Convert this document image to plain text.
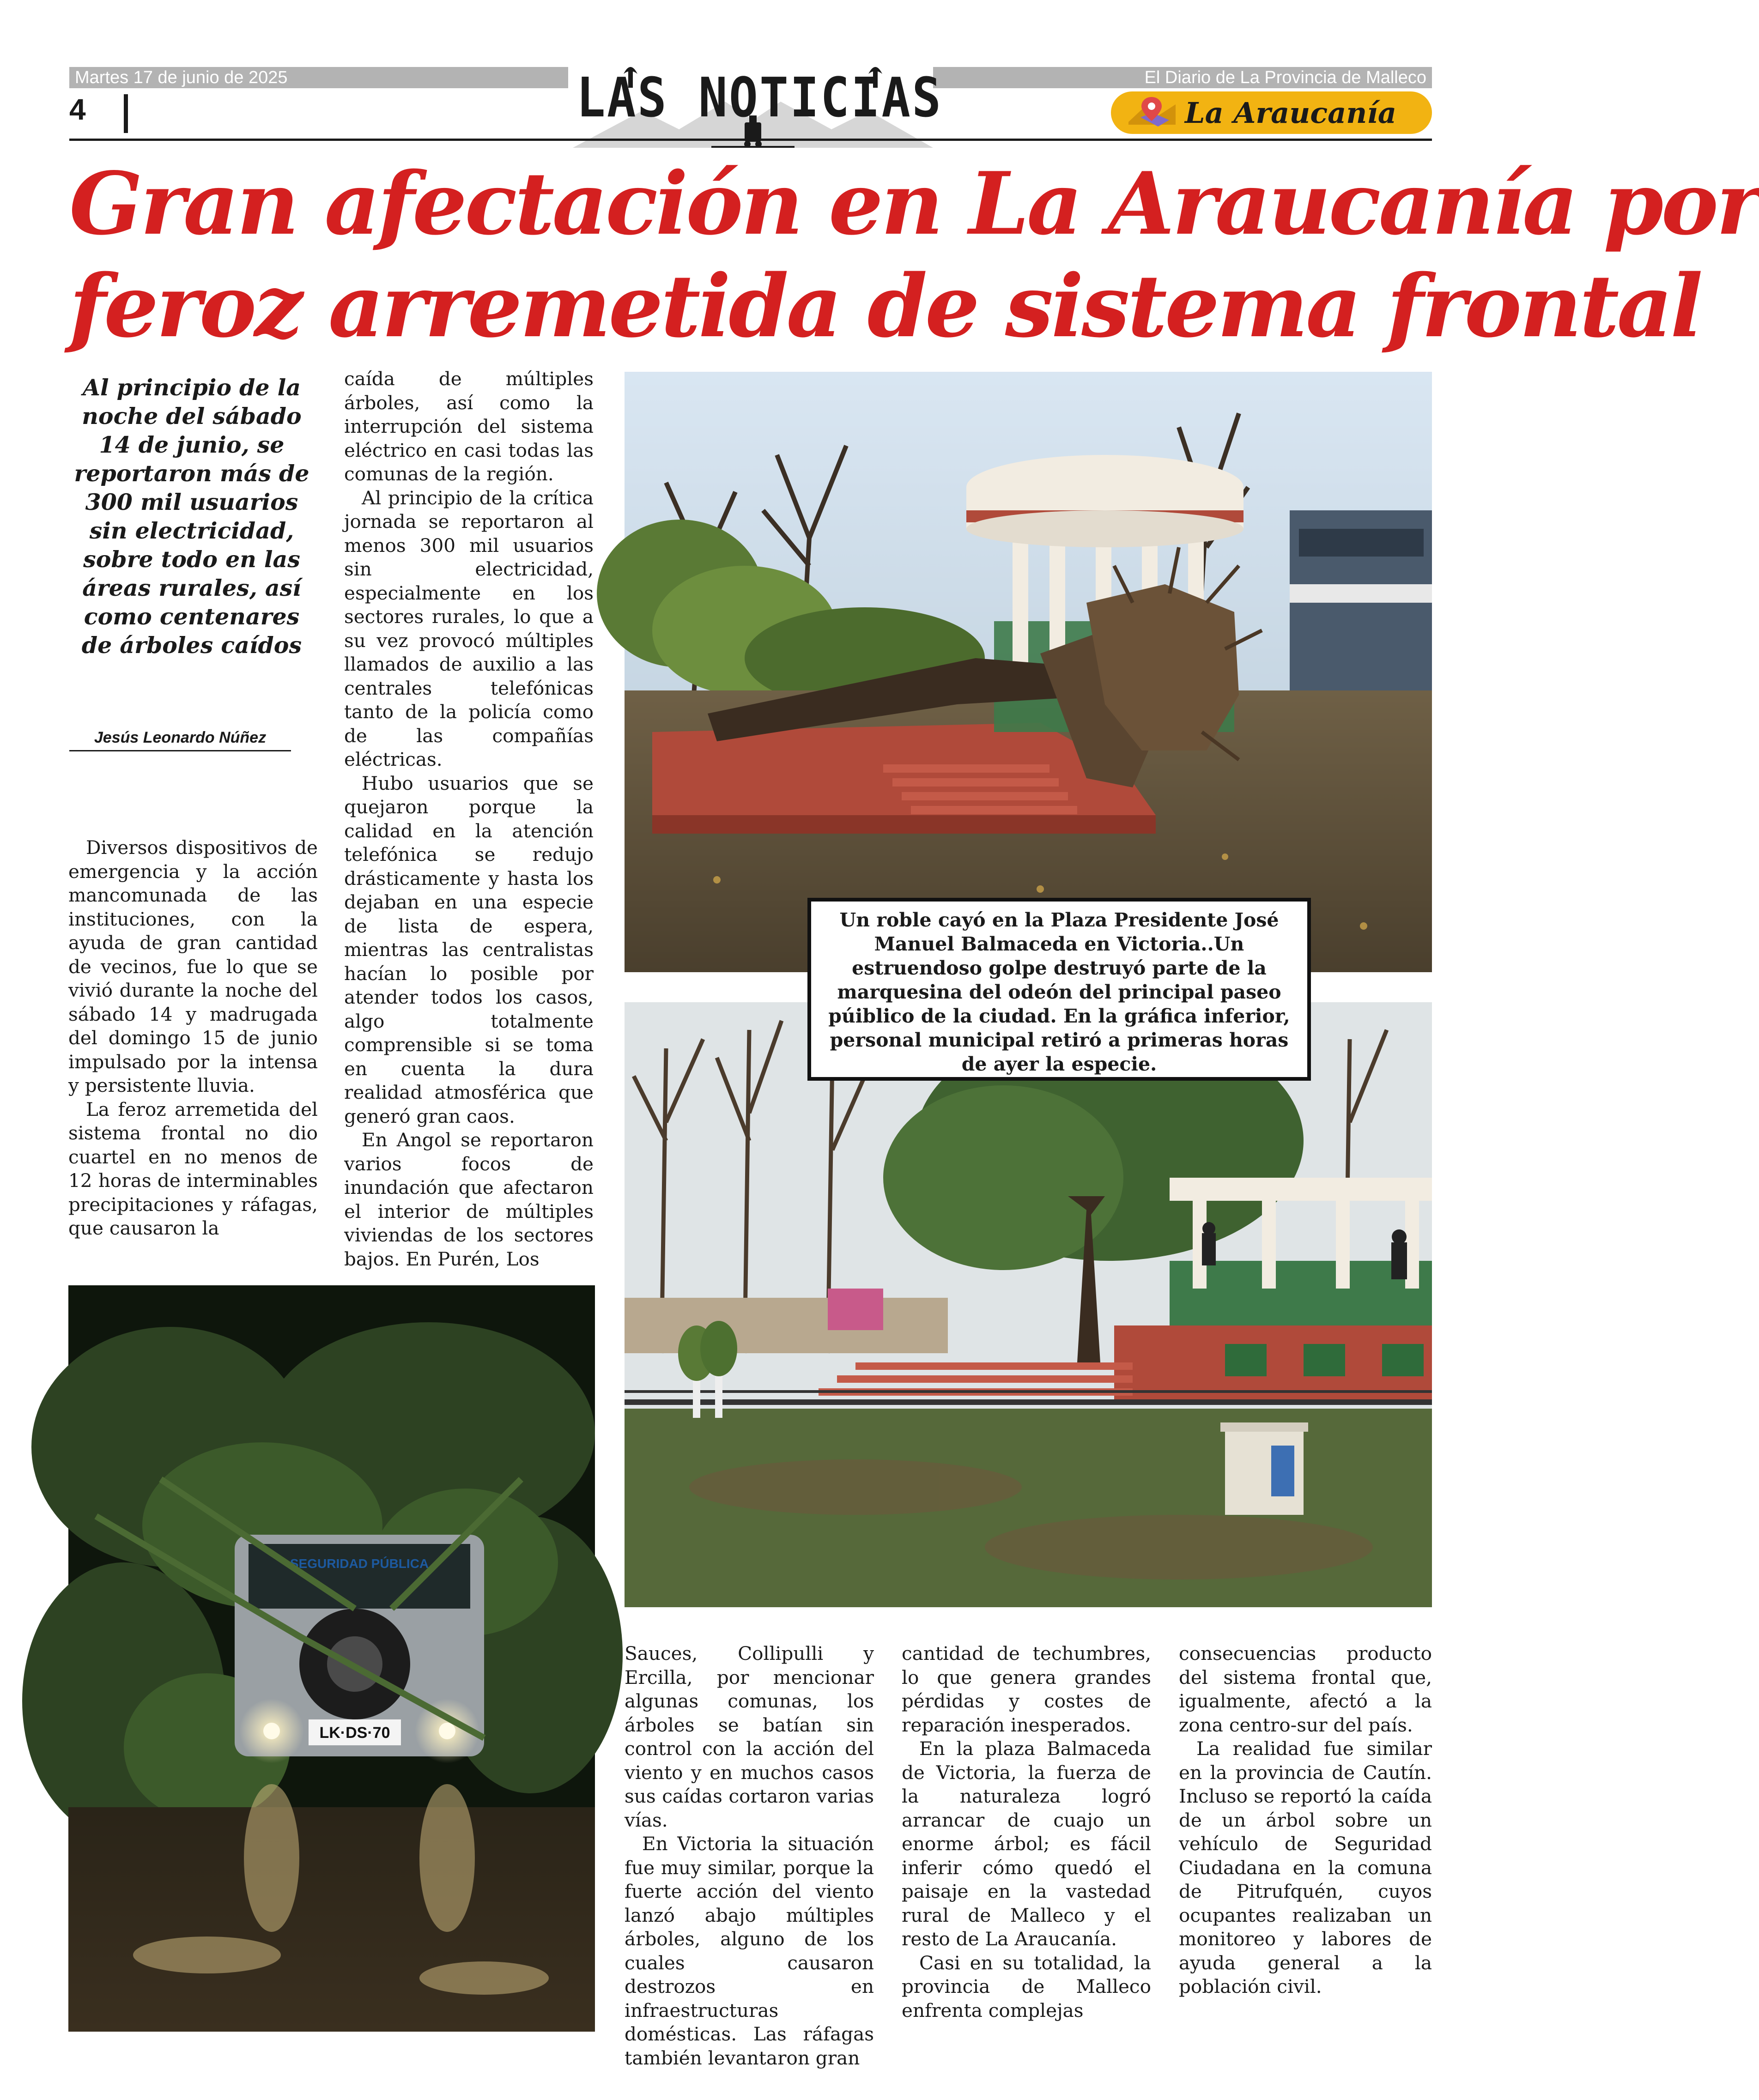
Martes 17 de junio de 2025	El Diario de La Provincia de Malleco
4	LAS NOTICIAS	La Araucanía
Gran afectación en La Araucanía por
feroz arremetida de sistema frontal
Al principio de la noche del sábado 14 de junio, se reportaron más de 300 mil usuarios sin electricidad, sobre todo en las áreas rurales, así como centenares de árboles caídos
Jesús Leonardo Núñez

Diversos dispositivos de emergencia y la acción mancomunada de las instituciones, con la ayuda de gran cantidad de vecinos, fue lo que se vivió durante la noche del sábado 14 y madrugada del domingo 15 de junio impulsado por la intensa y persistente lluvia.

La feroz arremetida del sistema frontal no dio cuartel en no menos de 12 horas de interminables precipitaciones y ráfagas, que causaron la

caída de múltiples árboles, así como la interrupción del sistema eléctrico en casi todas las comunas de la región.

Al principio de la crítica jornada se reportaron al menos 300 mil usuarios sin electricidad, especialmente en los sectores rurales, lo que a su vez provocó múltiples llamados de auxilio a las centrales telefónicas tanto de la policía como de las compañías eléctricas.

Hubo usuarios que se quejaron porque la calidad en la atención telefónica se redujo drásticamente y hasta los dejaban en una especie de lista de espera, mientras las centralistas hacían lo posible por atender todos los casos, algo totalmente comprensible si se toma en cuenta la dura realidad atmosférica que generó gran caos.

En Angol se reportaron varios focos de inundación que afectaron el interior de múltiples viviendas de los sectores bajos. En Purén, Los

Un roble cayó en la Plaza Presidente José Manuel Balmaceda en Victoria..Un estruendoso golpe destruyó parte de la marquesina del odeón del principal paseo púiblico de la ciudad. En la gráfica inferior, personal municipal retiró a primeras horas de ayer la especie.
SEGURIDAD PÚBLICA
LK·DS·70

Sauces, Collipulli y Ercilla, por mencionar algunas comunas, los árboles se batían sin control con la acción del viento y en muchos casos sus caídas cortaron varias vías.

En Victoria la situación fue muy similar, porque la fuerte acción del viento lanzó abajo múltiples árboles, alguno de los cuales causaron destrozos en infraestructuras domésticas. Las ráfagas también levantaron gran

cantidad de techumbres, lo que genera grandes pérdidas y costes de reparación inesperados.

En la plaza Balmaceda de Victoria, la fuerza de la naturaleza logró arrancar de cuajo un enorme árbol; es fácil inferir cómo quedó el paisaje en la vastedad rural de Malleco y el resto de La Araucanía.

Casi en su totalidad, la provincia de Malleco enfrenta complejas

consecuencias producto del sistema frontal que, igualmente, afectó a la zona centro-sur del país.

La realidad fue similar en la provincia de Cautín. Incluso se reportó la caída de un árbol sobre un vehículo de Seguridad Ciudadana en la comuna de Pitrufquén, cuyos ocupantes realizaban un monitoreo y labores de ayuda general a la población civil.
